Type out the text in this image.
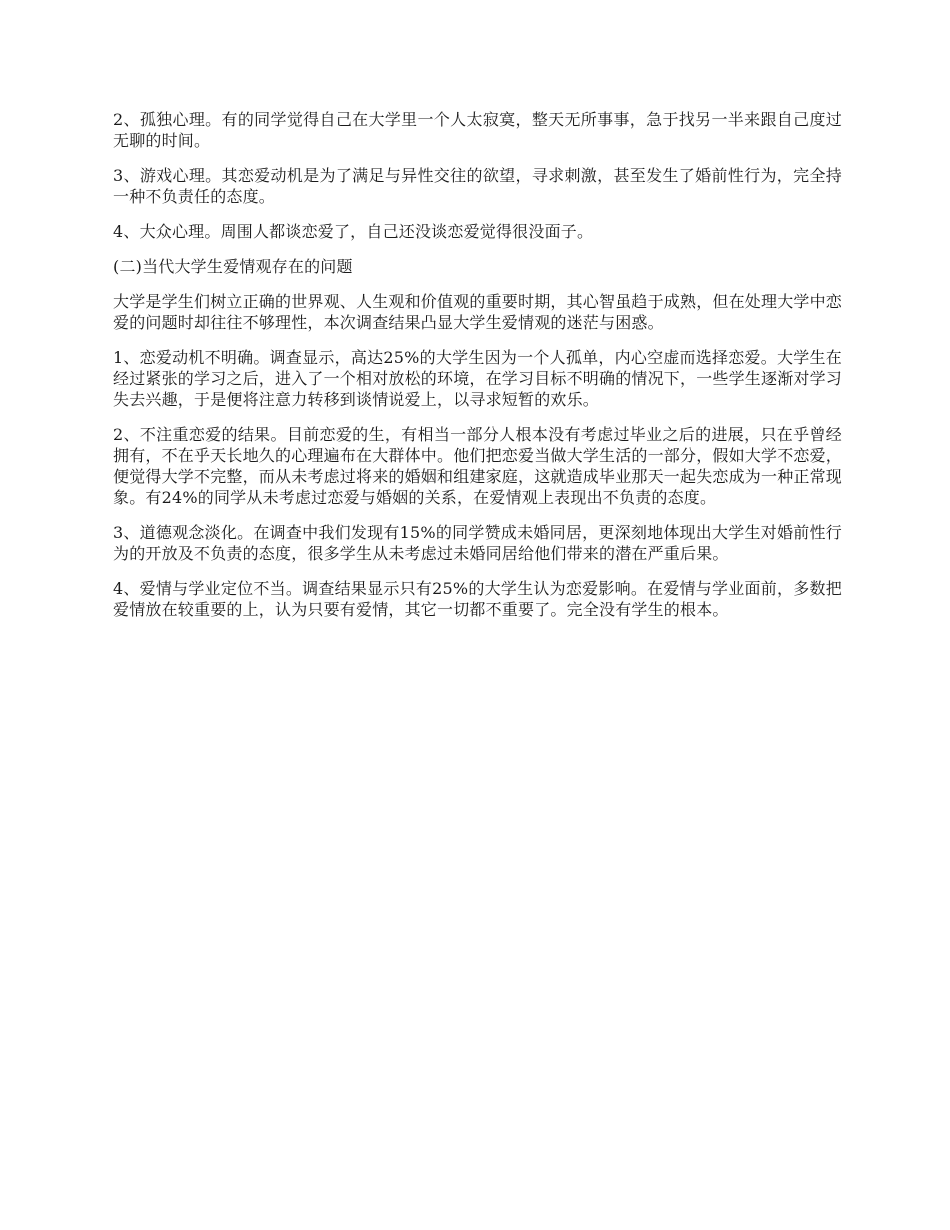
2、孤独心理。有的同学觉得自己在大学里一个人太寂寞，整天无所事事，急于找另一半来跟自己度过无聊的时间。

3、游戏心理。其恋爱动机是为了满足与异性交往的欲望，寻求刺激，甚至发生了婚前性行为，完全持一种不负责任的态度。

4、大众心理。周围人都谈恋爱了，自己还没谈恋爱觉得很没面子。

(二)当代大学生爱情观存在的问题

大学是学生们树立正确的世界观、人生观和价值观的重要时期，其心智虽趋于成熟，但在处理大学中恋爱的问题时却往往不够理性，本次调查结果凸显大学生爱情观的迷茫与困惑。

1、恋爱动机不明确。调查显示，高达25%的大学生因为一个人孤单，内心空虚而选择恋爱。大学生在经过紧张的学习之后，进入了一个相对放松的环境，在学习目标不明确的情况下，一些学生逐渐对学习失去兴趣，于是便将注意力转移到谈情说爱上，以寻求短暂的欢乐。

2、不注重恋爱的结果。目前恋爱的生，有相当一部分人根本没有考虑过毕业之后的进展，只在乎曾经拥有，不在乎天长地久的心理遍布在大群体中。他们把恋爱当做大学生活的一部分，假如大学不恋爱，便觉得大学不完整，而从未考虑过将来的婚姻和组建家庭，这就造成毕业那天一起失恋成为一种正常现象。有24%的同学从未考虑过恋爱与婚姻的关系，在爱情观上表现出不负责的态度。

3、道德观念淡化。在调查中我们发现有15%的同学赞成未婚同居，更深刻地体现出大学生对婚前性行为的开放及不负责的态度，很多学生从未考虑过未婚同居给他们带来的潜在严重后果。

4、爱情与学业定位不当。调查结果显示只有25%的大学生认为恋爱影响。在爱情与学业面前，多数把爱情放在较重要的上，认为只要有爱情，其它一切都不重要了。完全没有学生的根本。
